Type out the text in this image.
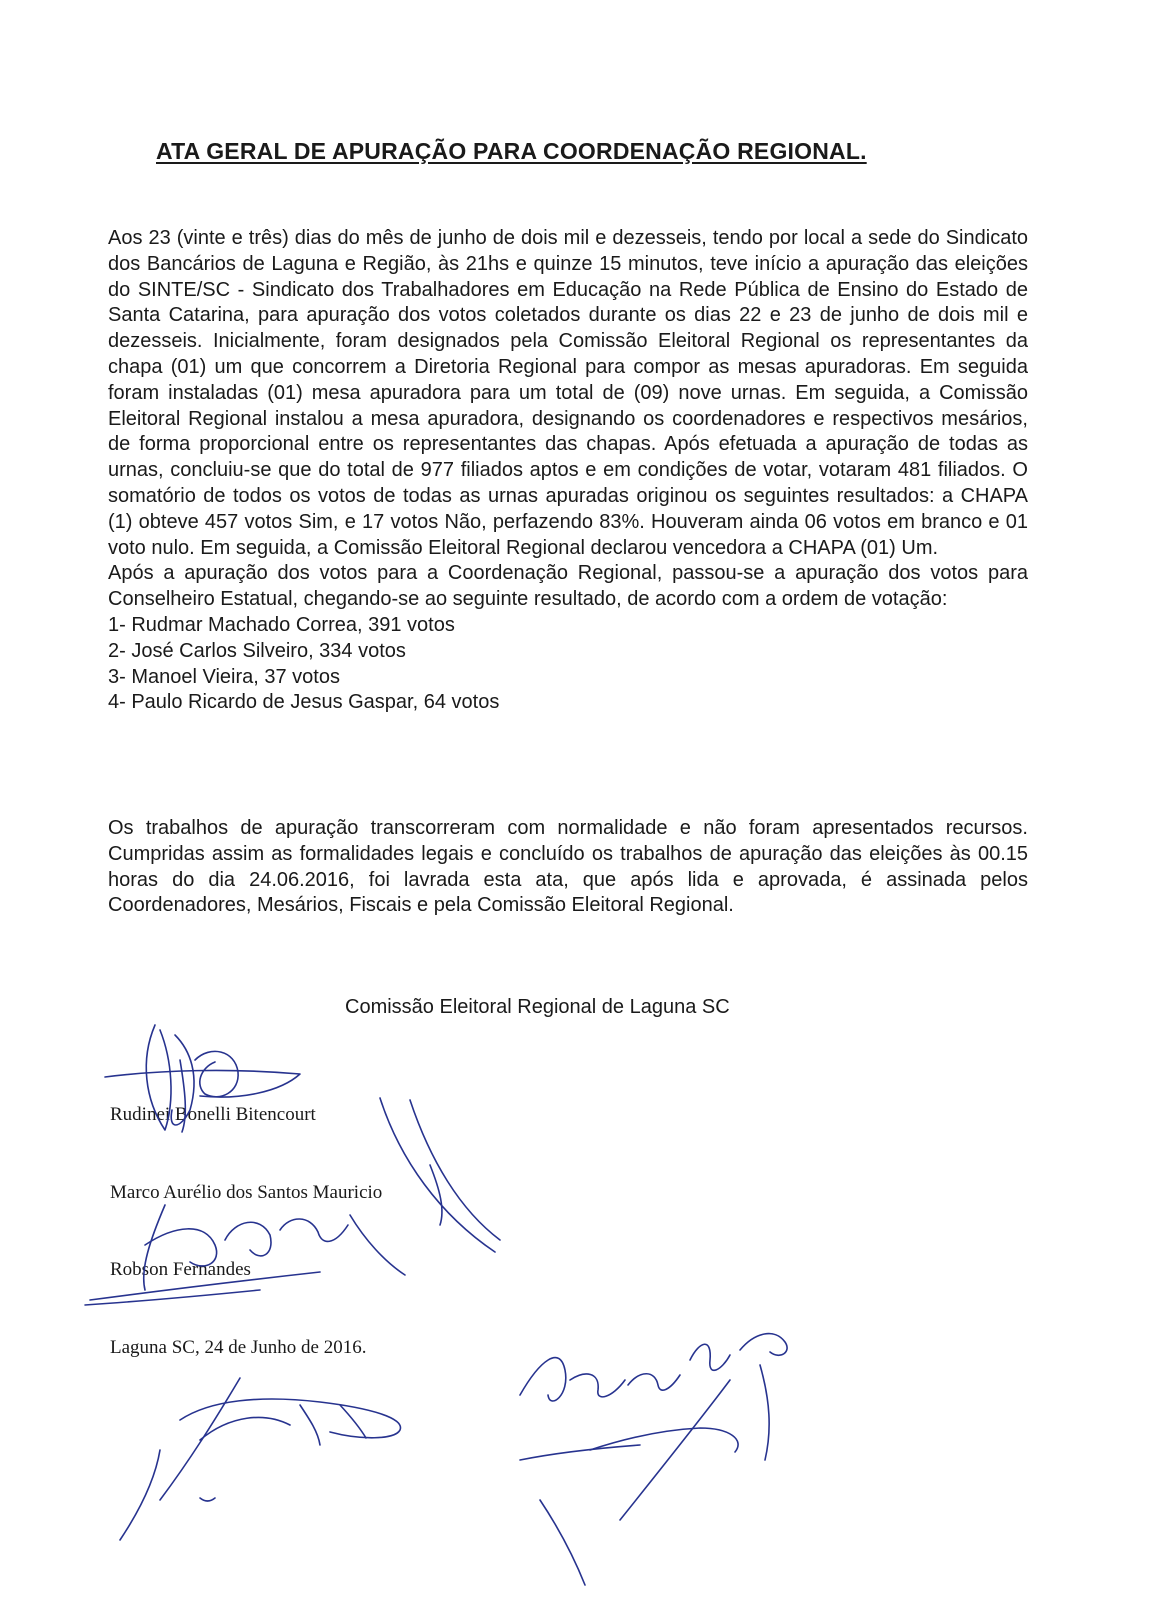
ATA GERAL DE APURAÇÃO PARA COORDENAÇÃO REGIONAL.

Aos 23 (vinte e três) dias do mês de junho de dois mil e dezesseis, tendo por local a sede do Sindicato dos Bancários de Laguna e Região, às 21hs e quinze 15 minutos, teve início a apuração das eleições do SINTE/SC - Sindicato dos Trabalhadores em Educação na Rede Pública de Ensino do Estado de Santa Catarina, para apuração dos votos coletados durante os dias 22 e 23 de junho de dois mil e dezesseis. Inicialmente, foram designados pela Comissão Eleitoral Regional os representantes da chapa (01) um que concorrem a Diretoria Regional para compor as mesas apuradoras. Em seguida foram instaladas (01) mesa apuradora para um total de (09) nove urnas. Em seguida, a Comissão Eleitoral Regional instalou a mesa apuradora, designando os coordenadores e respectivos mesários, de forma proporcional entre os representantes das chapas. Após efetuada a apuração de todas as urnas, concluiu-se que do total de 977 filiados aptos e em condições de votar, votaram 481 filiados. O somatório de todos os votos de todas as urnas apuradas originou os seguintes resultados: a CHAPA (1) obteve 457 votos Sim, e 17 votos Não, perfazendo 83%. Houveram ainda 06 votos em branco e 01 voto nulo. Em seguida, a Comissão Eleitoral Regional declarou vencedora a CHAPA (01) Um.

Após a apuração dos votos para a Coordenação Regional, passou-se a apuração dos votos para Conselheiro Estatual, chegando-se ao seguinte resultado, de acordo com a ordem de votação:

1- Rudmar Machado Correa, 391 votos
2- José Carlos Silveiro, 334 votos
3- Manoel Vieira, 37 votos
4- Paulo Ricardo de Jesus Gaspar, 64 votos
Os trabalhos de apuração transcorreram com normalidade e não foram apresentados recursos. Cumpridas assim as formalidades legais e concluído os trabalhos de apuração das eleições às 00.15 horas do dia 24.06.2016, foi lavrada esta ata, que após lida e aprovada, é assinada pelos Coordenadores, Mesários, Fiscais e pela Comissão Eleitoral Regional.
Comissão Eleitoral Regional de Laguna SC
Rudinei Bonelli Bitencourt
Marco Aurélio dos Santos Mauricio
Robson Fernandes
Laguna SC, 24 de Junho de 2016.
